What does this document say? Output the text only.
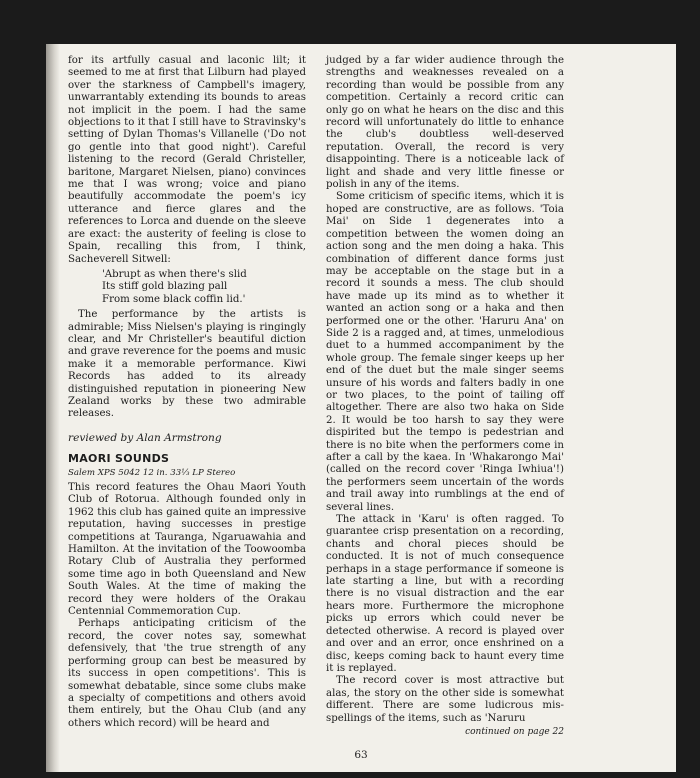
for its artfully casual and laconic lilt; it seemed to me at first that Lilburn had played over the starkness of Campbell's imagery, unwarrantably extending its bounds to areas not implicit in the poem. I had the same objections to it that I still have to Stravinsky's setting of Dylan Thomas's Villanelle ('Do not go gentle into that good night'). Careful listening to the record (Gerald Christeller, baritone, Margaret Nielsen, piano) convinces me that I was wrong; voice and piano beautifully accommodate the poem's icy utterance and fierce glares and the references to Lorca and duende on the sleeve are exact: the austerity of feeling is close to Spain, recalling this from, I think, Sacheverell Sitwell:

'Abrupt as when there's slid
Its stiff gold blazing pall
From some black coffin lid.'

The performance by the artists is admirable; Miss Nielsen's playing is ringingly clear, and Mr Christeller's beautiful diction and grave reverence for the poems and music make it a memorable performance. Kiwi Records has added to its already distinguished reputation in pioneering New Zealand works by these two admirable releases.

reviewed by Alan Armstrong
MAORI SOUNDS
Salem XPS 5042 12 in. 33⅓ LP Stereo

This record features the Ohau Maori Youth Club of Rotorua. Although founded only in 1962 this club has gained quite an impressive reputation, having successes in prestige competitions at Tauranga, Ngaruawahia and Hamilton. At the invitation of the Toowoomba Rotary Club of Australia they performed some time ago in both Queensland and New South Wales. At the time of making the record they were holders of the Orakau Centennial Commemoration Cup.

Perhaps anticipating criticism of the record, the cover notes say, somewhat defensively, that 'the true strength of any performing group can best be measured by its success in open competitions'. This is somewhat debatable, since some clubs make a specialty of competitions and others avoid them entirely, but the Ohau Club (and any others which record) will be heard and

judged by a far wider audience through the strengths and weaknesses revealed on a recording than would be possible from any competition. Certainly a record critic can only go on what he hears on the disc and this record will unfortunately do little to enhance the club's doubtless well-deserved reputation. Overall, the record is very disappointing. There is a noticeable lack of light and shade and very little finesse or polish in any of the items.

Some criticism of specific items, which it is hoped are constructive, are as follows. 'Toia Mai' on Side 1 degenerates into a competition between the women doing an action song and the men doing a haka. This combination of different dance forms just may be acceptable on the stage but in a record it sounds a mess. The club should have made up its mind as to whether it wanted an action song or a haka and then performed one or the other. 'Haruru Ana' on Side 2 is a ragged and, at times, unmelodious duet to a hummed accompaniment by the whole group. The female singer keeps up her end of the duet but the male singer seems unsure of his words and falters badly in one or two places, to the point of tailing off altogether. There are also two haka on Side 2. It would be too harsh to say they were dispirited but the tempo is pedestrian and there is no bite when the performers come in after a call by the kaea. In 'Whakarongo Mai' (called on the record cover 'Ringa Iwhiua'!) the performers seem uncertain of the words and trail away into rumblings at the end of several lines.

The attack in 'Karu' is often ragged. To guarantee crisp presentation on a recording, chants and choral pieces should be conducted. It is not of much consequence perhaps in a stage performance if someone is late starting a line, but with a recording there is no visual distraction and the ear hears more. Furthermore the microphone picks up errors which could never be detected otherwise. A record is played over and over and an error, once enshrined on a disc, keeps coming back to haunt every time it is replayed.

The record cover is most attractive but alas, the story on the other side is somewhat different. There are some ludicrous mis-spellings of the items, such as 'Naruru

continued on page 22
63
